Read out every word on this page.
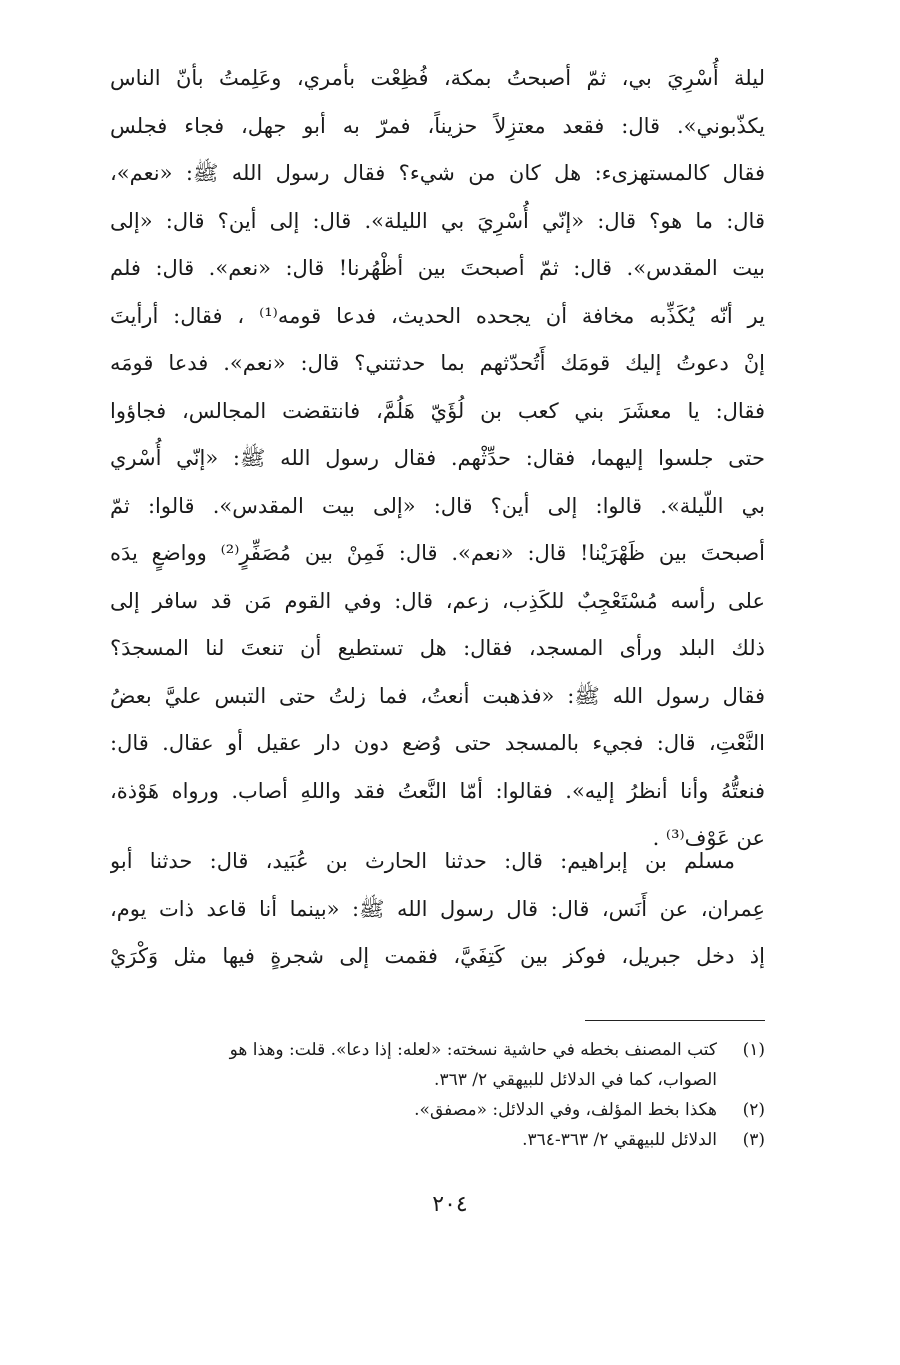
ليلة أُسْرِيَ بي، ثمّ أصبحتُ بمكة، فُظِعْت بأمري، وعَلِمتُ بأنّ الناس
يكذّبوني». قال: فقعد معتزِلاً حزيناً، فمرّ به أبو جهل، فجاء فجلس
فقال كالمستهزىء: هل كان من شيء؟ فقال رسول الله ﷺ: «نعم»،
قال: ما هو؟ قال: «إنّي أُسْرِيَ بي الليلة». قال: إلى أين؟ قال: «إلى
بيت المقدس». قال: ثمّ أصبحتَ بين أظْهُرنا! قال: «نعم». قال: فلم
ير أنّه يُكَذِّبه مخافة أن يجحده الحديث، فدعا قومه⁽¹⁾ ، فقال: أرأيتَ
إنْ دعوتُ إليك قومَك أَتُحدّثهم بما حدثتني؟ قال: «نعم». فدعا قومَه
فقال: يا معشَرَ بني كعب بن لُؤَيّ هَلُمَّ، فانتقضت المجالس، فجاؤوا
حتى جلسوا إليهما، فقال: حدِّثْهم. فقال رسول الله ﷺ: «إنّي أُسْري
بي اللّيلة». قالوا: إلى أين؟ قال: «إلى بيت المقدس». قالوا: ثمّ
أصبحتَ بين ظَهْرَيْنا! قال: «نعم». قال: فَمِنْ بين مُصَفِّرٍ⁽²⁾ وواضعٍ يدَه
على رأسه مُسْتَعْجِبٌ للكَذِب، زعم، قال: وفي القوم مَن قد سافر إلى
ذلك البلد ورأى المسجد، فقال: هل تستطيع أن تنعتَ لنا المسجدَ؟
فقال رسول الله ﷺ: «فذهبت أنعتُ، فما زلتُ حتى التبس عليَّ بعضُ
النَّعْتِ، قال: فجيء بالمسجد حتى وُضع دون دار عقيل أو عقال. قال:
فنعتُّهُ وأنا أنظرُ إليه». فقالوا: أمّا النَّعتُ فقد واللهِ أصاب. ورواه هَوْذة،
عن عَوْف⁽³⁾ .
مسلم بن إبراهيم: قال: حدثنا الحارث بن عُبَيد، قال: حدثنا أبو
عِمران، عن أَنَس، قال: قال رسول الله ﷺ: «بينما أنا قاعد ذات يوم،
إذ دخل جبريل، فوكز بين كَتِفَيَّ، فقمت إلى شجرةٍ فيها مثل وَكْرَيْ
(١)
كتب المصنف بخطه في حاشية نسخته: «لعله: إذا دعا». قلت: وهذا هو
الصواب، كما في الدلائل للبيهقي ٢/ ٣٦٣.
(٢)
هكذا بخط المؤلف، وفي الدلائل: «مصفق».
(٣)
الدلائل للبيهقي ٢/ ٣٦٣-٣٦٤.
٢٠٤
